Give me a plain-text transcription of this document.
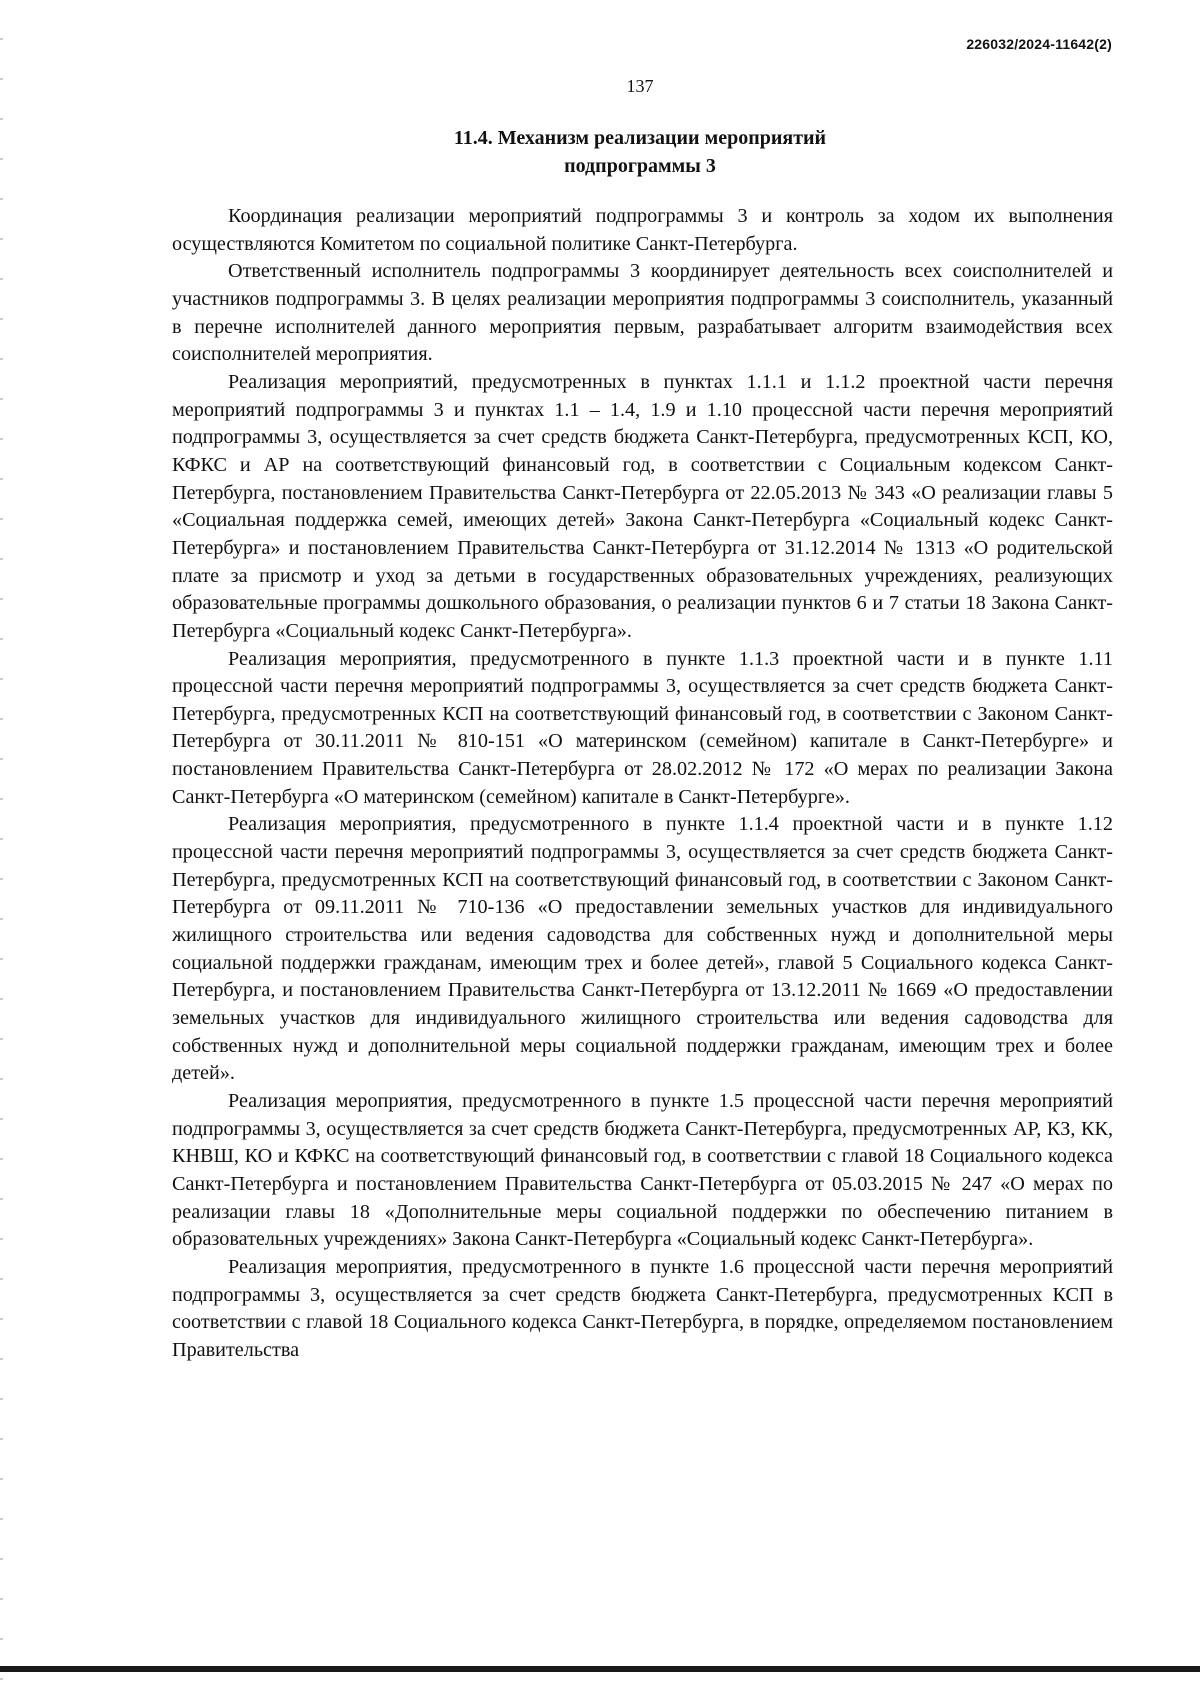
226032/2024-11642(2)
137
11.4. Механизм реализации мероприятий
подпрограммы 3

Координация реализации мероприятий подпрограммы 3 и контроль за ходом их выполнения осуществляются Комитетом по социальной политике Санкт-Петербурга.

Ответственный исполнитель подпрограммы 3 координирует деятельность всех соисполнителей и участников подпрограммы 3. В целях реализации мероприятия подпрограммы 3 соисполнитель, указанный в перечне исполнителей данного мероприятия первым, разрабатывает алгоритм взаимодействия всех соисполнителей мероприятия.

Реализация мероприятий, предусмотренных в пунктах 1.1.1 и 1.1.2 проектной части перечня мероприятий подпрограммы 3 и пунктах 1.1 – 1.4, 1.9 и 1.10 процессной части перечня мероприятий подпрограммы 3, осуществляется за счет средств бюджета Санкт-Петербурга, предусмотренных КСП, КО, КФКС и АР на соответствующий финансовый год, в соответствии с Социальным кодексом Санкт-Петербурга, постановлением Правительства Санкт-Петербурга от 22.05.2013 № 343 «О реализации главы 5 «Социальная поддержка семей, имеющих детей» Закона Санкт-Петербурга «Социальный кодекс Санкт-Петербурга» и постановлением Правительства Санкт-Петербурга от 31.12.2014 № 1313 «О родительской плате за присмотр и уход за детьми в государственных образовательных учреждениях, реализующих образовательные программы дошкольного образования, о реализации пунктов 6 и 7 статьи 18 Закона Санкт-Петербурга «Социальный кодекс Санкт-Петербурга».

Реализация мероприятия, предусмотренного в пункте 1.1.3 проектной части и в пункте 1.11 процессной части перечня мероприятий подпрограммы 3, осуществляется за счет средств бюджета Санкт-Петербурга, предусмотренных КСП на соответствующий финансовый год, в соответствии с Законом Санкт-Петербурга от 30.11.2011 № 810-151 «О материнском (семейном) капитале в Санкт-Петербурге» и постановлением Правительства Санкт-Петербурга от 28.02.2012 № 172 «О мерах по реализации Закона Санкт-Петербурга «О материнском (семейном) капитале в Санкт-Петербурге».

Реализация мероприятия, предусмотренного в пункте 1.1.4 проектной части и в пункте 1.12 процессной части перечня мероприятий подпрограммы 3, осуществляется за счет средств бюджета Санкт-Петербурга, предусмотренных КСП на соответствующий финансовый год, в соответствии с Законом Санкт-Петербурга от 09.11.2011 № 710-136 «О предоставлении земельных участков для индивидуального жилищного строительства или ведения садоводства для собственных нужд и дополнительной меры социальной поддержки гражданам, имеющим трех и более детей», главой 5 Социального кодекса Санкт-Петербурга, и постановлением Правительства Санкт-Петербурга от 13.12.2011 № 1669 «О предоставлении земельных участков для индивидуального жилищного строительства или ведения садоводства для собственных нужд и дополнительной меры социальной поддержки гражданам, имеющим трех и более детей».

Реализация мероприятия, предусмотренного в пункте 1.5 процессной части перечня мероприятий подпрограммы 3, осуществляется за счет средств бюджета Санкт-Петербурга, предусмотренных АР, КЗ, КК, КНВШ, КО и КФКС на соответствующий финансовый год, в соответствии с главой 18 Социального кодекса Санкт-Петербурга и постановлением Правительства Санкт-Петербурга от 05.03.2015 № 247 «О мерах по реализации главы 18 «Дополнительные меры социальной поддержки по обеспечению питанием в образовательных учреждениях» Закона Санкт-Петербурга «Социальный кодекс Санкт-Петербурга».

Реализация мероприятия, предусмотренного в пункте 1.6 процессной части перечня мероприятий подпрограммы 3, осуществляется за счет средств бюджета Санкт-Петербурга, предусмотренных КСП в соответствии с главой 18 Социального кодекса Санкт-Петербурга, в порядке, определяемом постановлением Правительства
